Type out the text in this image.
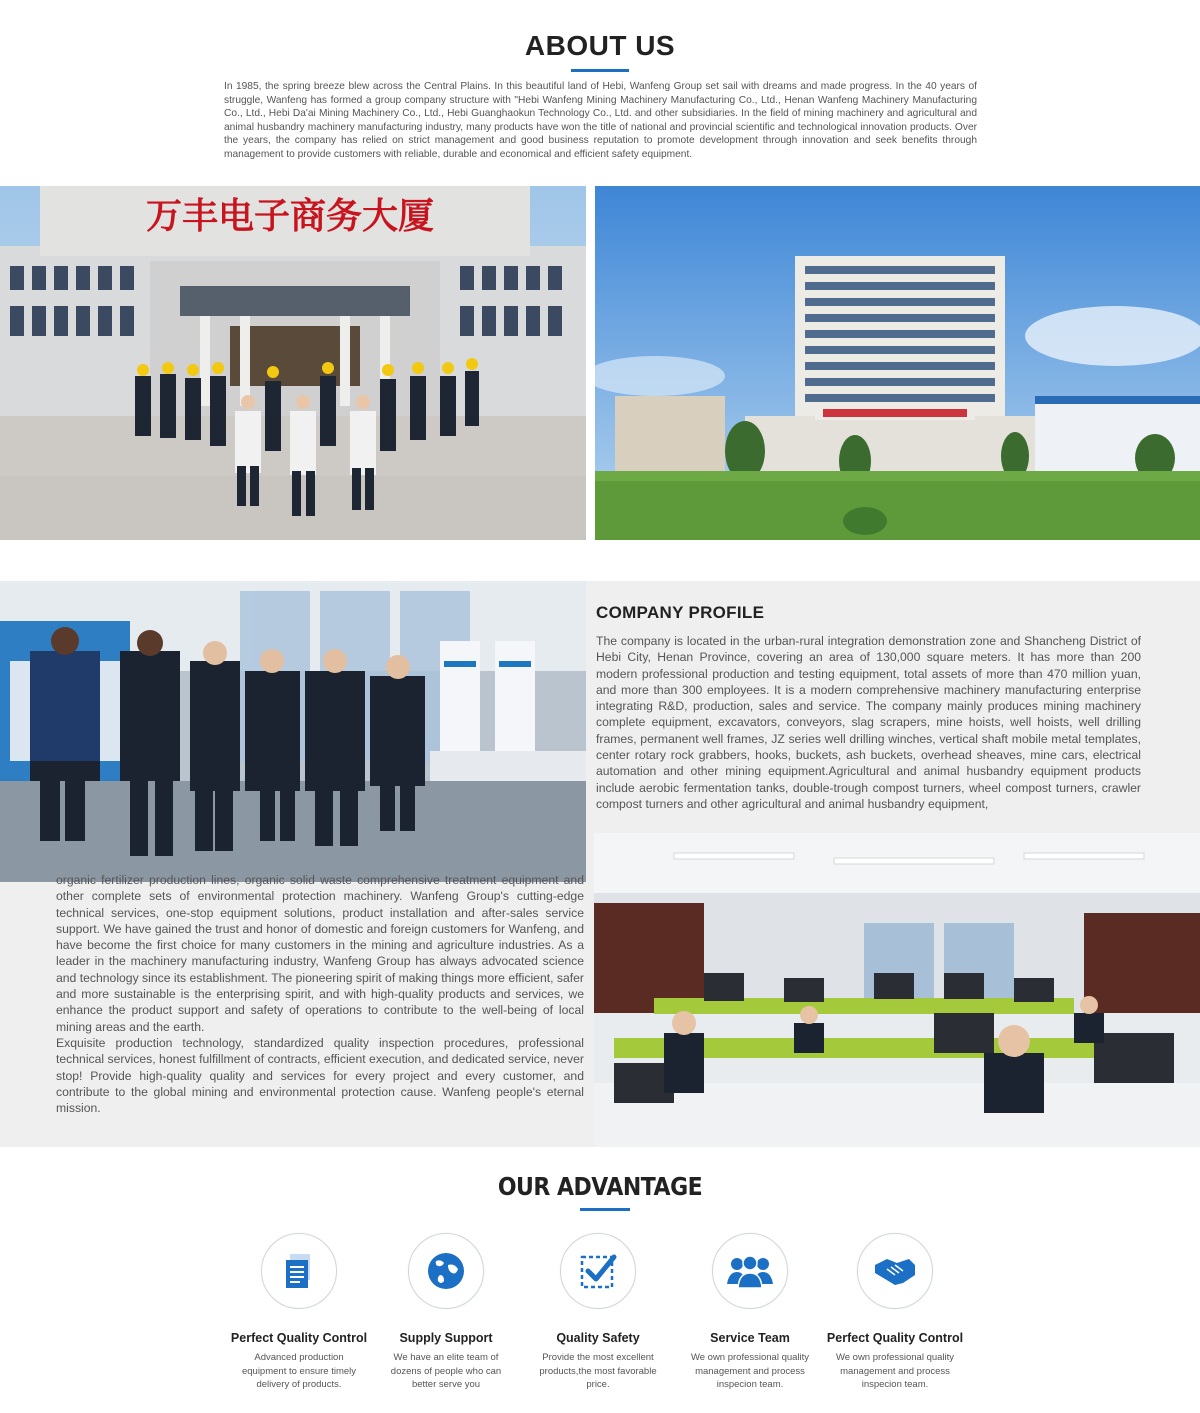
ABOUT US

In 1985, the spring breeze blew across the Central Plains. In this beautiful land of Hebi, Wanfeng Group set sail with dreams and made progress. In the 40 years of struggle, Wanfeng has formed a group company structure with "Hebi Wanfeng Mining Machinery Manufacturing Co., Ltd., Henan Wanfeng Machinery Manufacturing Co., Ltd., Hebi Da'ai Mining Machinery Co., Ltd., Hebi Guanghaokun Technology Co., Ltd. and other subsidiaries. In the field of mining machinery and agricultural and animal husbandry machinery manufacturing industry, many products have won the title of national and provincial scientific and technological innovation products. Over the years, the company has relied on strict management and good business reputation to promote development through innovation and seek benefits through management to provide customers with reliable, durable and economical and efficient safety equipment.

万丰电子商务大厦
COMPANY PROFILE

The company is located in the urban-rural integration demonstration zone and Shancheng District of Hebi City, Henan Province, covering an area of 130,000 square meters. It has more than 200 modern professional production and testing equipment, total assets of more than 470 million yuan, and more than 300 employees. It is a modern comprehensive machinery manufacturing enterprise integrating R&D, production, sales and service. The company mainly produces mining machinery complete equipment, excavators, conveyors, slag scrapers, mine hoists, well hoists, well drilling frames, permanent well frames, JZ series well drilling winches, vertical shaft mobile metal templates, center rotary rock grabbers, hooks, buckets, ash buckets, overhead sheaves, mine cars, electrical automation and other mining equipment.Agricultural and animal husbandry equipment products include aerobic fermentation tanks, double-trough compost turners, wheel compost turners, crawler compost turners and other agricultural and animal husbandry equipment,

organic fertilizer production lines, organic solid waste comprehensive treatment equipment and other complete sets of environmental protection machinery. Wanfeng Group's cutting-edge technical services, one-stop equipment solutions, product installation and after-sales service support. We have gained the trust and honor of domestic and foreign customers for Wanfeng, and have become the first choice for many customers in the mining and agriculture industries. As a leader in the machinery manufacturing industry, Wanfeng Group has always advocated science and technology since its establishment. The pioneering spirit of making things more efficient, safer and more sustainable is the enterprising spirit, and with high-quality products and services, we enhance the product support and safety of operations to contribute to the well-being of local mining areas and the earth.

Exquisite production technology, standardized quality inspection procedures, professional technical services, honest fulfillment of contracts, efficient execution, and dedicated service, never stop! Provide high-quality quality and services for every project and every customer, and contribute to the global mining and environmental protection cause. Wanfeng people's eternal mission.

OUR ADVANTAGE
Perfect Quality Control
Advanced production equipment to ensure timely delivery of products.
Supply Support
We have an elite team of dozens of people who can better serve you
Quality Safety
Provide the most excellent products,the most favorable price.
Service Team
We own professional quality management and process inspecion team.
Perfect Quality Control
We own professional quality management and process inspecion team.
